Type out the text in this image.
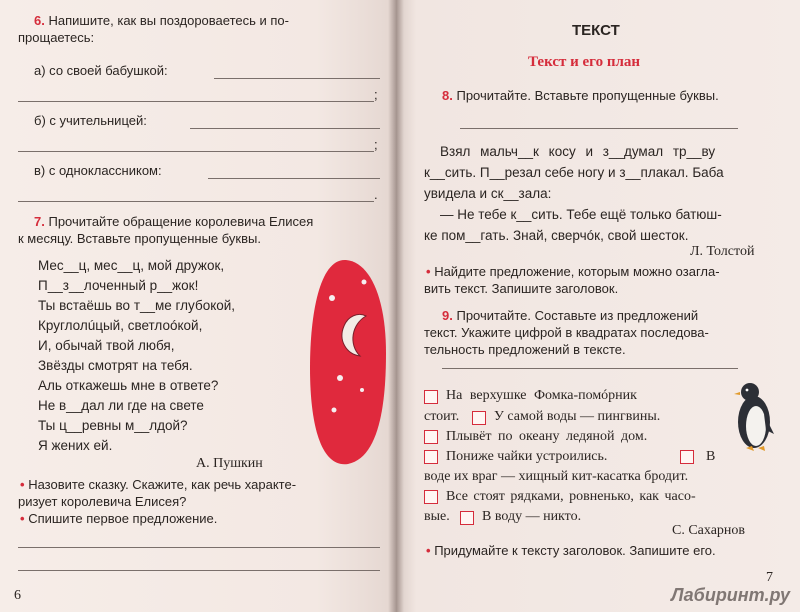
6. Напишите, как вы поздороваетесь и по-
прощаетесь:
а) со своей бабушкой:
;
б) с учительницей:
;
в) с одноклассником:
.
7. Прочитайте обращение королевича Елисея
к месяцу. Вставьте пропущенные буквы.
Мес__ц, мес__ц, мой дружок,
П__з__лоченный р__жок!
Ты встаёшь во т__ме глубокой,
Круглолúцый, светлоóкой,
И, обычай твой любя,
Звёзды смотрят на тебя.
Аль откажешь мне в ответе?
Не в__дал ли где на свете
Ты ц__ревны м__лдой?
Я жених ей.
А. Пушкин
• Назовите сказку. Скажите, как речь характе-
ризует королевича Елисея?
• Спишите первое предложение.
6
ТЕКСТ
Текст и его план
8. Прочитайте. Вставьте пропущенные буквы.
Взял мальч__к косу и з__думал тр__ву
к__сить. П__резал себе ногу и з__плакал. Баба
увидела и ск__зала:
— Не тебе к__сить. Тебе ещё только батюш-
ке пом__гать. Знай, сверчóк, свой шесток.
Л. Толстой
• Найдите предложение, которым можно озагла-
вить текст. Запишите заголовок.
9. Прочитайте. Составьте из предложений
текст. Укажите цифрой в квадратах последова-
тельность предложений в тексте.
На верхушке Фомка-помóрник
стоит. У самой воды — пингвины.
Плывёт по океану ледяной дом.
Пониже чайки устроились.	В
воде их враг — хищный кит-касатка бродит.
Все стоят рядками, ровненько, как часо-
вые. В воду — никто.
С. Сахарнов
• Придумайте к тексту заголовок. Запишите его.
7
Лабиринт.ру
